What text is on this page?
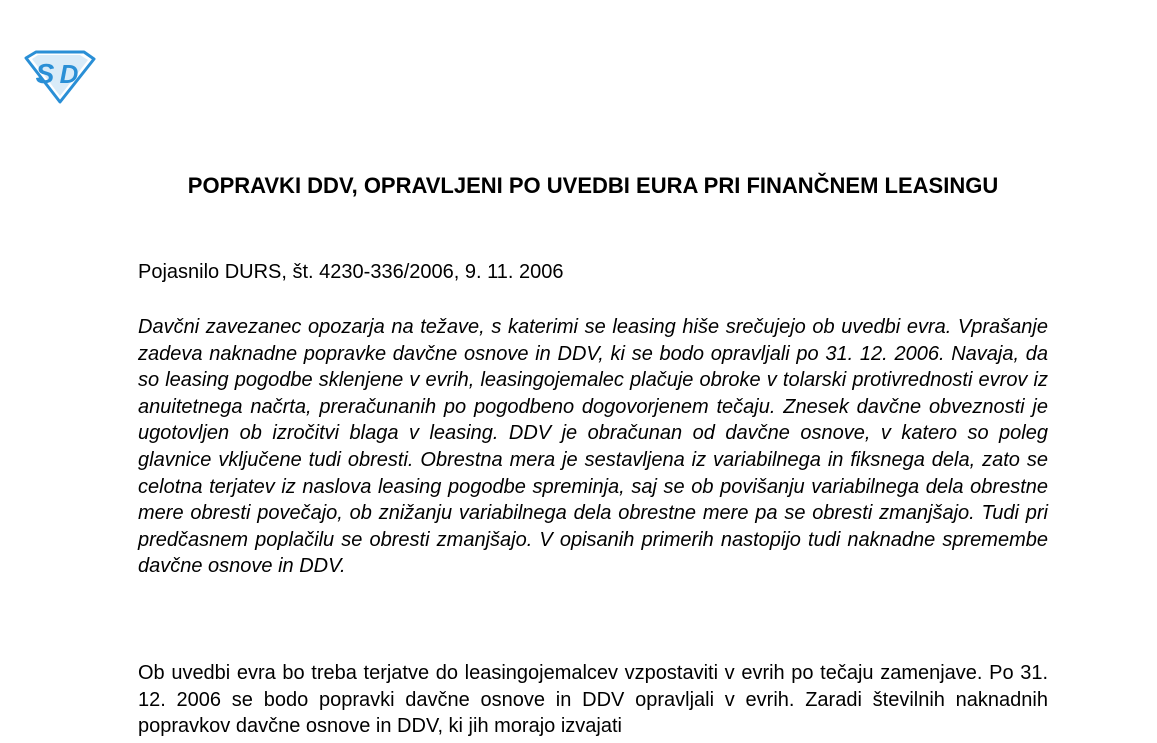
S D
POPRAVKI DDV, OPRAVLJENI PO UVEDBI EURA PRI FINANČNEM LEASINGU

Pojasnilo DURS, št. 4230-336/2006, 9. 11. 2006

Davčni zavezanec opozarja na težave, s katerimi se leasing hiše srečujejo ob uvedbi evra. Vprašanje zadeva naknadne popravke davčne osnove in DDV, ki se bodo opravljali po 31. 12. 2006. Navaja, da so leasing pogodbe sklenjene v evrih, leasingojemalec plačuje obroke v tolarski protivrednosti evrov iz anuitetnega načrta, preračunanih po pogodbeno dogovorjenem tečaju. Znesek davčne obveznosti je ugotovljen ob izročitvi blaga v leasing. DDV je obračunan od davčne osnove, v katero so poleg glavnice vključene tudi obresti. Obrestna mera je sestavljena iz variabilnega in fiksnega dela, zato se celotna terjatev iz naslova leasing pogodbe spreminja, saj se ob povišanju variabilnega dela obrestne mere obresti povečajo, ob znižanju variabilnega dela obrestne mere pa se obresti zmanjšajo. Tudi pri predčasnem poplačilu se obresti zmanjšajo. V opisanih primerih nastopijo tudi naknadne spremembe davčne osnove in DDV.

Ob uvedbi evra bo treba terjatve do leasingojemalcev vzpostaviti v evrih po tečaju zamenjave. Po 31. 12. 2006 se bodo popravki davčne osnove in DDV opravljali v evrih. Zaradi številnih naknadnih popravkov davčne osnove in DDV, ki jih morajo izvajati
